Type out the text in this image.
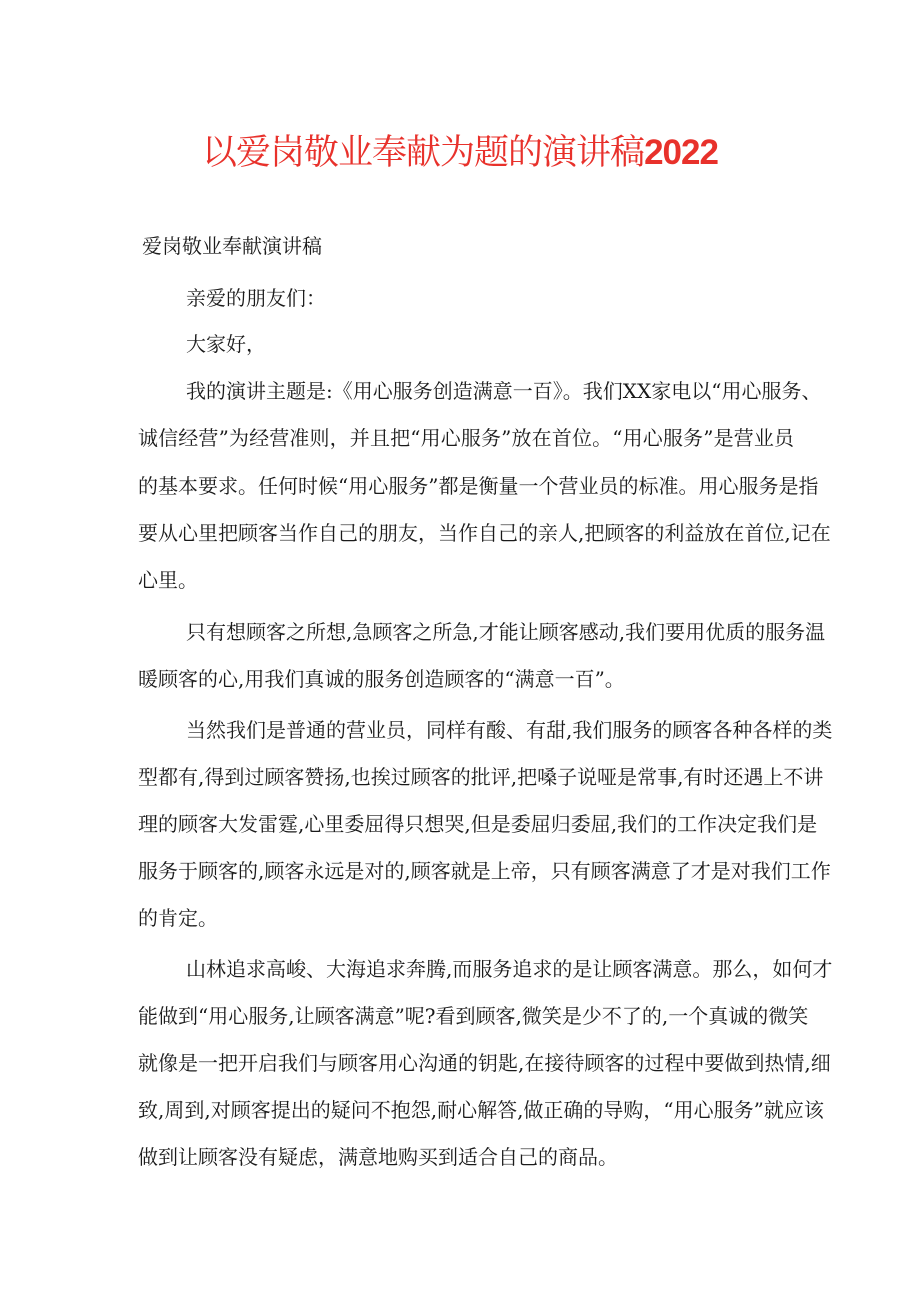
以爱岗敬业奉献为题的演讲稿2022
爱岗敬业奉献演讲稿
亲爱的朋友们：
大家好，
我的演讲主题是:《用心服务创造满意一百》。我们XX家电以“用心服务、
诚信经营”为经营准则，并且把“用心服务”放在首位。“用心服务”是营业员
的基本要求。任何时候“用心服务”都是衡量一个营业员的标准。用心服务是指
要从心里把顾客当作自己的朋友，当作自己的亲人,把顾客的利益放在首位,记在
心里。
只有想顾客之所想,急顾客之所急,才能让顾客感动,我们要用优质的服务温
暖顾客的心,用我们真诚的服务创造顾客的“满意一百”。
当然我们是普通的营业员，同样有酸、有甜,我们服务的顾客各种各样的类
型都有,得到过顾客赞扬,也挨过顾客的批评,把嗓子说哑是常事,有时还遇上不讲
理的顾客大发雷霆,心里委屈得只想哭,但是委屈归委屈,我们的工作决定我们是
服务于顾客的,顾客永远是对的,顾客就是上帝，只有顾客满意了才是对我们工作
的肯定。
山林追求高峻、大海追求奔腾,而服务追求的是让顾客满意。那么，如何才
能做到“用心服务,让顾客满意”呢?看到顾客,微笑是少不了的,一个真诚的微笑
就像是一把开启我们与顾客用心沟通的钥匙,在接待顾客的过程中要做到热情,细
致,周到,对顾客提出的疑问不抱怨,耐心解答,做正确的导购，“用心服务”就应该
做到让顾客没有疑虑，满意地购买到适合自己的商品。
